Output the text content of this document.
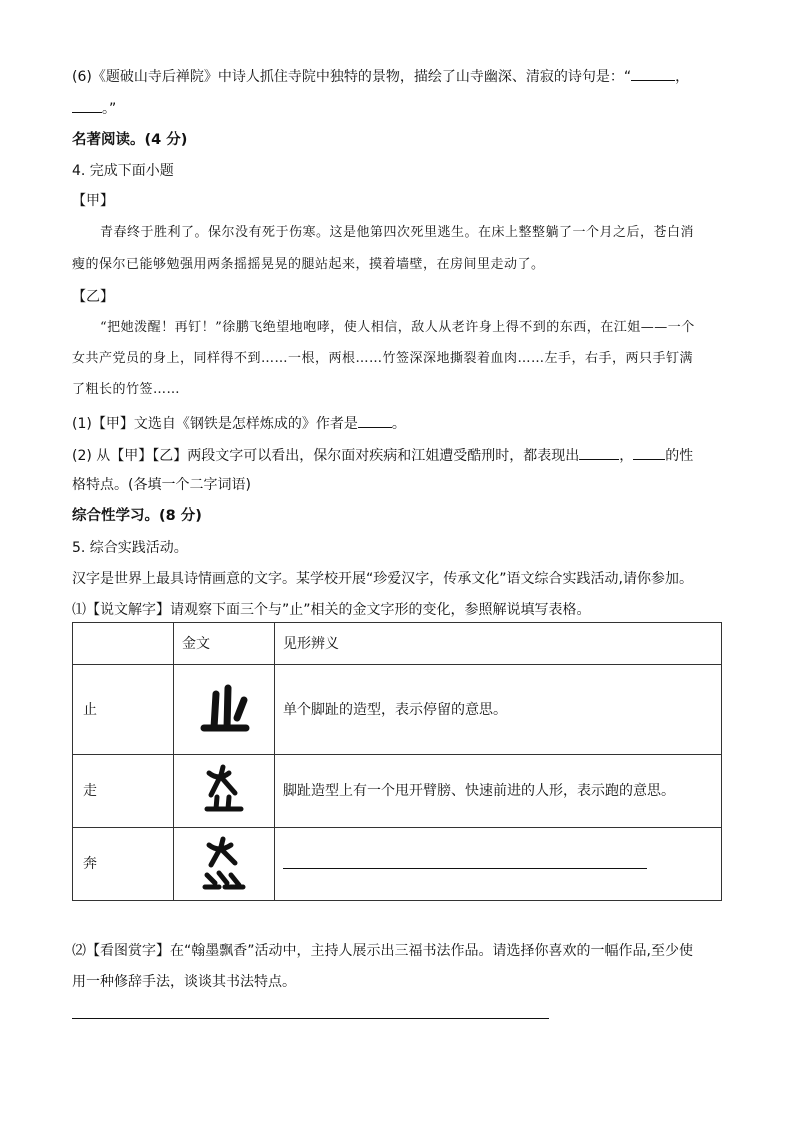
(6)《题破山寺后禅院》中诗人抓住寺院中独特的景物，描绘了山寺幽深、清寂的诗句是：“	，
。”
名著阅读。(4 分)
4. 完成下面小题
【甲】
青春终于胜利了。保尔没有死于伤寒。这是他第四次死里逃生。在床上整整躺了一个月之后，苍白消
瘦的保尔已能够勉强用两条摇摇晃晃的腿站起来，摸着墙壁，在房间里走动了。
【乙】
“把她泼醒！再钉！”徐鹏飞绝望地咆哮，使人相信，敌人从老许身上得不到的东西，在江姐——一个
女共产党员的身上，同样得不到……一根，两根……竹签深深地撕裂着血肉……左手，右手，两只手钉满
了粗长的竹签……
(1)【甲】文选自《钢铁是怎样炼成的》作者是 。
(2) 从【甲】【乙】两段文字可以看出，保尔面对疾病和江姐遭受酷刑时，都表现出	， 的性
格特点。(各填一个二字词语)
综合性学习。(8 分)
5. 综合实践活动。
汉字是世界上最具诗情画意的文字。某学校开展“珍爱汉字，传承文化”语文综合实践活动,请你参加。
⑴【说文解字】请观察下面三个与”止”相关的金文字形的变化，参照解说填写表格。
	金文	见形辨义
止		单个脚趾的造型，表示停留的意思。
走		脚趾造型上有一个甩开臂膀、快速前进的人形，表示跑的意思。
奔	

⑵【看图赏字】在“翰墨飘香”活动中，主持人展示出三福书法作品。请选择你喜欢的一幅作品,至少使
用一种修辞手法，谈谈其书法特点。
